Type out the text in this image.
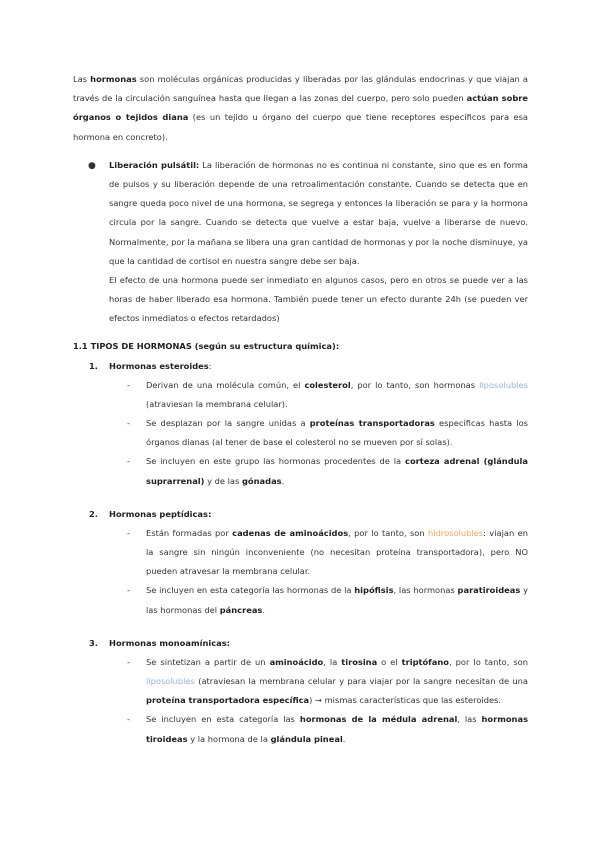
Las hormonas son moléculas orgánicas producidas y liberadas por las glándulas endocrinas y que viajan a través de la circulación sanguínea hasta que llegan a las zonas del cuerpo, pero solo pueden actúan sobre órganos o tejidos diana (es un tejido u órgano del cuerpo que tiene receptores específicos para esa hormona en concreto).

● Liberación pulsátil: La liberación de hormonas no es continua ni constante, sino que es en forma de pulsos y su liberación depende de una retroalimentación constante. Cuando se detecta que en sangre queda poco nivel de una hormona, se segrega y entonces la liberación se para y la hormona circula por la sangre. Cuando se detecta que vuelve a estar baja, vuelve a liberarse de nuevo. Normalmente, por la mañana se libera una gran cantidad de hormonas y por la noche disminuye, ya que la cantidad de cortisol en nuestra sangre debe ser baja.

El efecto de una hormona puede ser inmediato en algunos casos, pero en otros se puede ver a las horas de haber liberado esa hormona. También puede tener un efecto durante 24h (se pueden ver efectos inmediatos o efectos retardados)

1.1 TIPOS DE HORMONAS (según su estructura química):
1. Hormonas esteroides:
- Derivan de una molécula común, el colesterol, por lo tanto, son hormonas liposolubles (atraviesan la membrana celular).

- Se desplazan por la sangre unidas a proteínas transportadoras específicas hasta los órganos dianas (al tener de base el colesterol no se mueven por sí solas).

- Se incluyen en este grupo las hormonas procedentes de la corteza adrenal (glándula suprarrenal) y de las gónadas.

2. Hormonas peptídicas:
- Están formadas por cadenas de aminoácidos, por lo tanto, son hidrosolubles: viajan en la sangre sin ningún inconveniente (no necesitan proteína transportadora), pero NO pueden atravesar la membrana celular.

- Se incluyen en esta categoría las hormonas de la hipófisis, las hormonas paratiroideas y las hormonas del páncreas.

3. Hormonas monoamínicas:
- Se sintetizan a partir de un aminoácido, la tirosina o el triptófano, por lo tanto, son liposolubles (atraviesan la membrana celular y para viajar por la sangre necesitan de una proteína transportadora específica) → mismas características que las esteroides.

- Se incluyen en esta categoría las hormonas de la médula adrenal, las hormonas tiroideas y la hormona de la glándula pineal.
